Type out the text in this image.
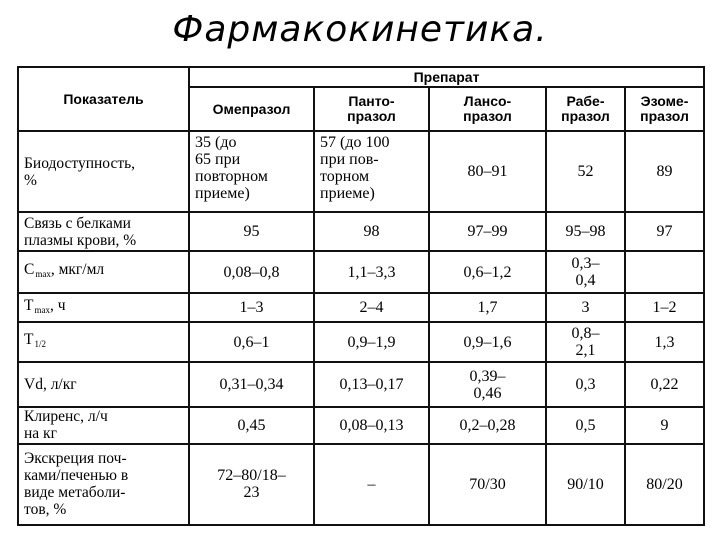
Фармакокинетика.
Показатель	Препарат				
	Омепразол	Панто-
празол	Лансо-
празол	Рабе-
празол	Эзоме-
празол
Биодоступность,
%	35 (до
65 при
повторном
приеме)	57 (до 100
при пов-
торном
приеме)	80–91	52	89
Связь с белками
плазмы крови, %	95	98	97–99	95–98	97
$C_{max}$, мкг/мл	0,08–0,8	1,1–3,3	0,6–1,2	0,3–
0,4	
$T_{max}$, ч	1–3	2–4	1,7	3	1–2
$T_{1/2}$	0,6–1	0,9–1,9	0,9–1,6	0,8–
2,1	1,3
Vd, л/кг	0,31–0,34	0,13–0,17	0,39–
0,46	0,3	0,22
Клиренс, л/ч
на кг	0,45	0,08–0,13	0,2–0,28	0,5	9
Экскреция поч-
ками/печенью в
виде метаболи-
тов, %	72–80/18–
23	–	70/30	90/10	80/20
